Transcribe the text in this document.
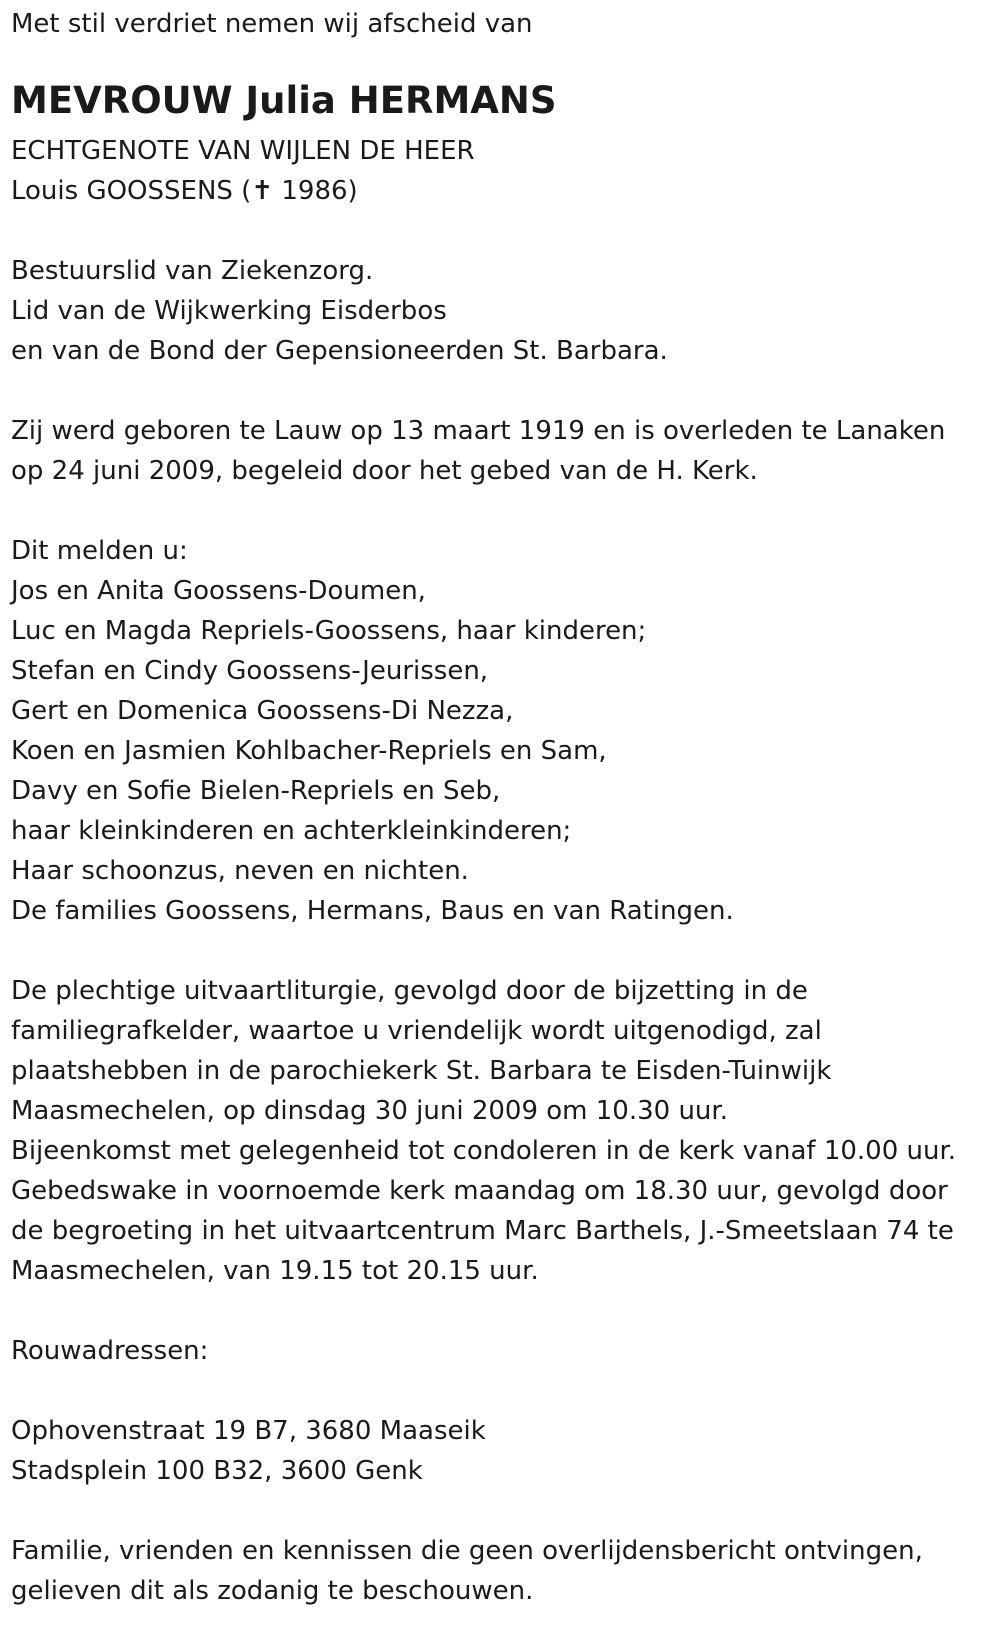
Met stil verdriet nemen wij afscheid van
MEVROUW Julia HERMANS
ECHTGENOTE VAN WIJLEN DE HEER
Louis GOOSSENS (✝ 1986)
Bestuurslid van Ziekenzorg.
Lid van de Wijkwerking Eisderbos
en van de Bond der Gepensioneerden St. Barbara.
Zij werd geboren te Lauw op 13 maart 1919 en is overleden te Lanaken
op 24 juni 2009, begeleid door het gebed van de H. Kerk.
Dit melden u:
Jos en Anita Goossens-Doumen,
Luc en Magda Repriels-Goossens, haar kinderen;
Stefan en Cindy Goossens-Jeurissen,
Gert en Domenica Goossens-Di Nezza,
Koen en Jasmien Kohlbacher-Repriels en Sam,
Davy en Sofie Bielen-Repriels en Seb,
haar kleinkinderen en achterkleinkinderen;
Haar schoonzus, neven en nichten.
De families Goossens, Hermans, Baus en van Ratingen.
De plechtige uitvaartliturgie, gevolgd door de bijzetting in de
familiegrafkelder, waartoe u vriendelijk wordt uitgenodigd, zal
plaatshebben in de parochiekerk St. Barbara te Eisden-Tuinwijk
Maasmechelen, op dinsdag 30 juni 2009 om 10.30 uur.
Bijeenkomst met gelegenheid tot condoleren in de kerk vanaf 10.00 uur.
Gebedswake in voornoemde kerk maandag om 18.30 uur, gevolgd door
de begroeting in het uitvaartcentrum Marc Barthels, J.-Smeetslaan 74 te
Maasmechelen, van 19.15 tot 20.15 uur.
Rouwadressen:
Ophovenstraat 19 B7, 3680 Maaseik
Stadsplein 100 B32, 3600 Genk
Familie, vrienden en kennissen die geen overlijdensbericht ontvingen,
gelieven dit als zodanig te beschouwen.
